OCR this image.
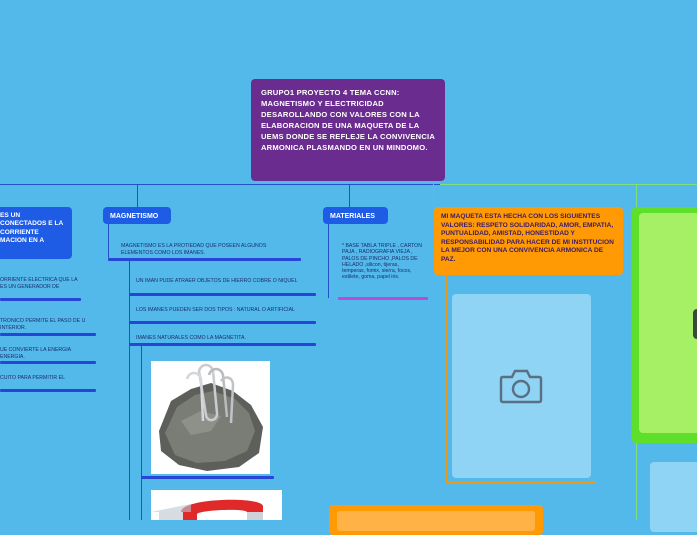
GRUPO1 PROYECTO 4 TEMA CCNN: MAGNETISMO Y ELECTRICIDAD DESAROLLANDO CON VALORES CON LA ELABORACION DE UNA MAQUETA DE LA UEMS DONDE SE REFLEJE LA CONVIVENCIA ARMONICA PLASMANDO EN UN MINDOMO.
ES UN CONECTADOS E LA CORRIENTE MACION EN A
ORRIENTE ELECTRICA QUE LA ES UN GENERADOR DE
TRONICO PERMITE EL PASO DE U INTERIOR.
UE CONVIERTE LA ENERGIA ENERGIA.
CUITO PARA PERMITIR EL
MAGNETISMO
MAGNETISMO ES LA PROTIEDAD QUE POSEEN ALGUNOS ELEMENTOS COMO LOS IMANES.
UN IMAN PUDE ATRAER OBJETOS DE HIERRO COBRE O NIQUEL
LOS IMANES PUEDEN SER DOS TIPOS : NATURAL O ARTIFICIAL
IMANES NATURALES COMO LA MAGNETITA.
MATERIALES
* BASE TABLA TRIPLE , CARTON PAJA , RADIOGRAFIA VIEJA , PALOS DE PINCHO ,PALOS DE HELADO ,silicon, tijeras, temperas, fomix, sierra, focos, estilete, goma, papel iris.
MI MAQUETA ESTA HECHA CON LOS SIGUIENTES VALORES: RESPETO SOLIDARIDAD, AMOR, EMPATIA, PUNTUALIDAD, AMISTAD, HONESTIDAD Y RESPONSABILIDAD PARA HACER DE MI INSTITUCION LA MEJOR CON UNA CONVIVENCIA ARMONICA DE PAZ.
